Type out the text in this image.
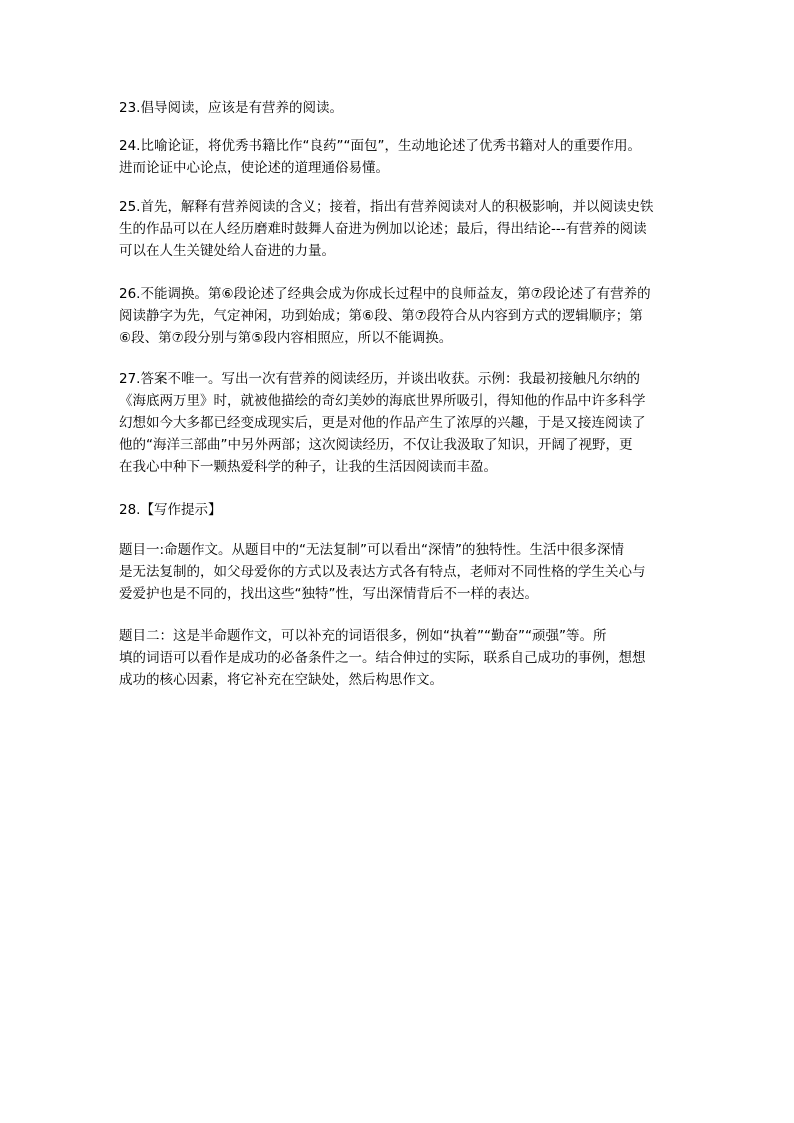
23.倡导阅读，应该是有营养的阅读。
24.比喻论证，将优秀书籍比作“良药”“面包”，生动地论述了优秀书籍对人的重要作用。
进而论证中心论点，使论述的道理通俗易懂。
25.首先，解释有营养阅读的含义；接着，指出有营养阅读对人的积极影响，并以阅读史铁
生的作品可以在人经历磨难时鼓舞人奋进为例加以论述；最后，得出结论---有营养的阅读
可以在人生关键处给人奋进的力量。
26.不能调换。第⑥段论述了经典会成为你成长过程中的良师益友，第⑦段论述了有营养的
阅读静字为先，气定神闲，功到始成；第⑥段、第⑦段符合从内容到方式的逻辑顺序；第
⑥段、第⑦段分别与第⑤段内容相照应，所以不能调换。
27.答案不唯一。写出一次有营养的阅读经历，并谈出收获。示例：我最初接触凡尔纳的
《海底两万里》时，就被他描绘的奇幻美妙的海底世界所吸引，得知他的作品中许多科学
幻想如今大多都已经变成现实后，更是对他的作品产生了浓厚的兴趣，于是又接连阅读了
他的“海洋三部曲”中另外两部；这次阅读经历，不仅让我汲取了知识，开阔了视野，更
在我心中种下一颗热爱科学的种子，让我的生活因阅读而丰盈。
28.【写作提示】
题目一:命题作文。从题目中的“无法复制”可以看出“深情”的独特性。生活中很多深情
是无法复制的，如父母爱你的方式以及表达方式各有特点，老师对不同性格的学生关心与
爱爱护也是不同的，找出这些“独特”性，写出深情背后不一样的表达。
题目二：这是半命题作文，可以补充的词语很多，例如“执着”“勤奋”“顽强”等。所
填的词语可以看作是成功的必备条件之一。结合伸过的实际，联系自己成功的事例，想想
成功的核心因素，将它补充在空缺处，然后构思作文。
